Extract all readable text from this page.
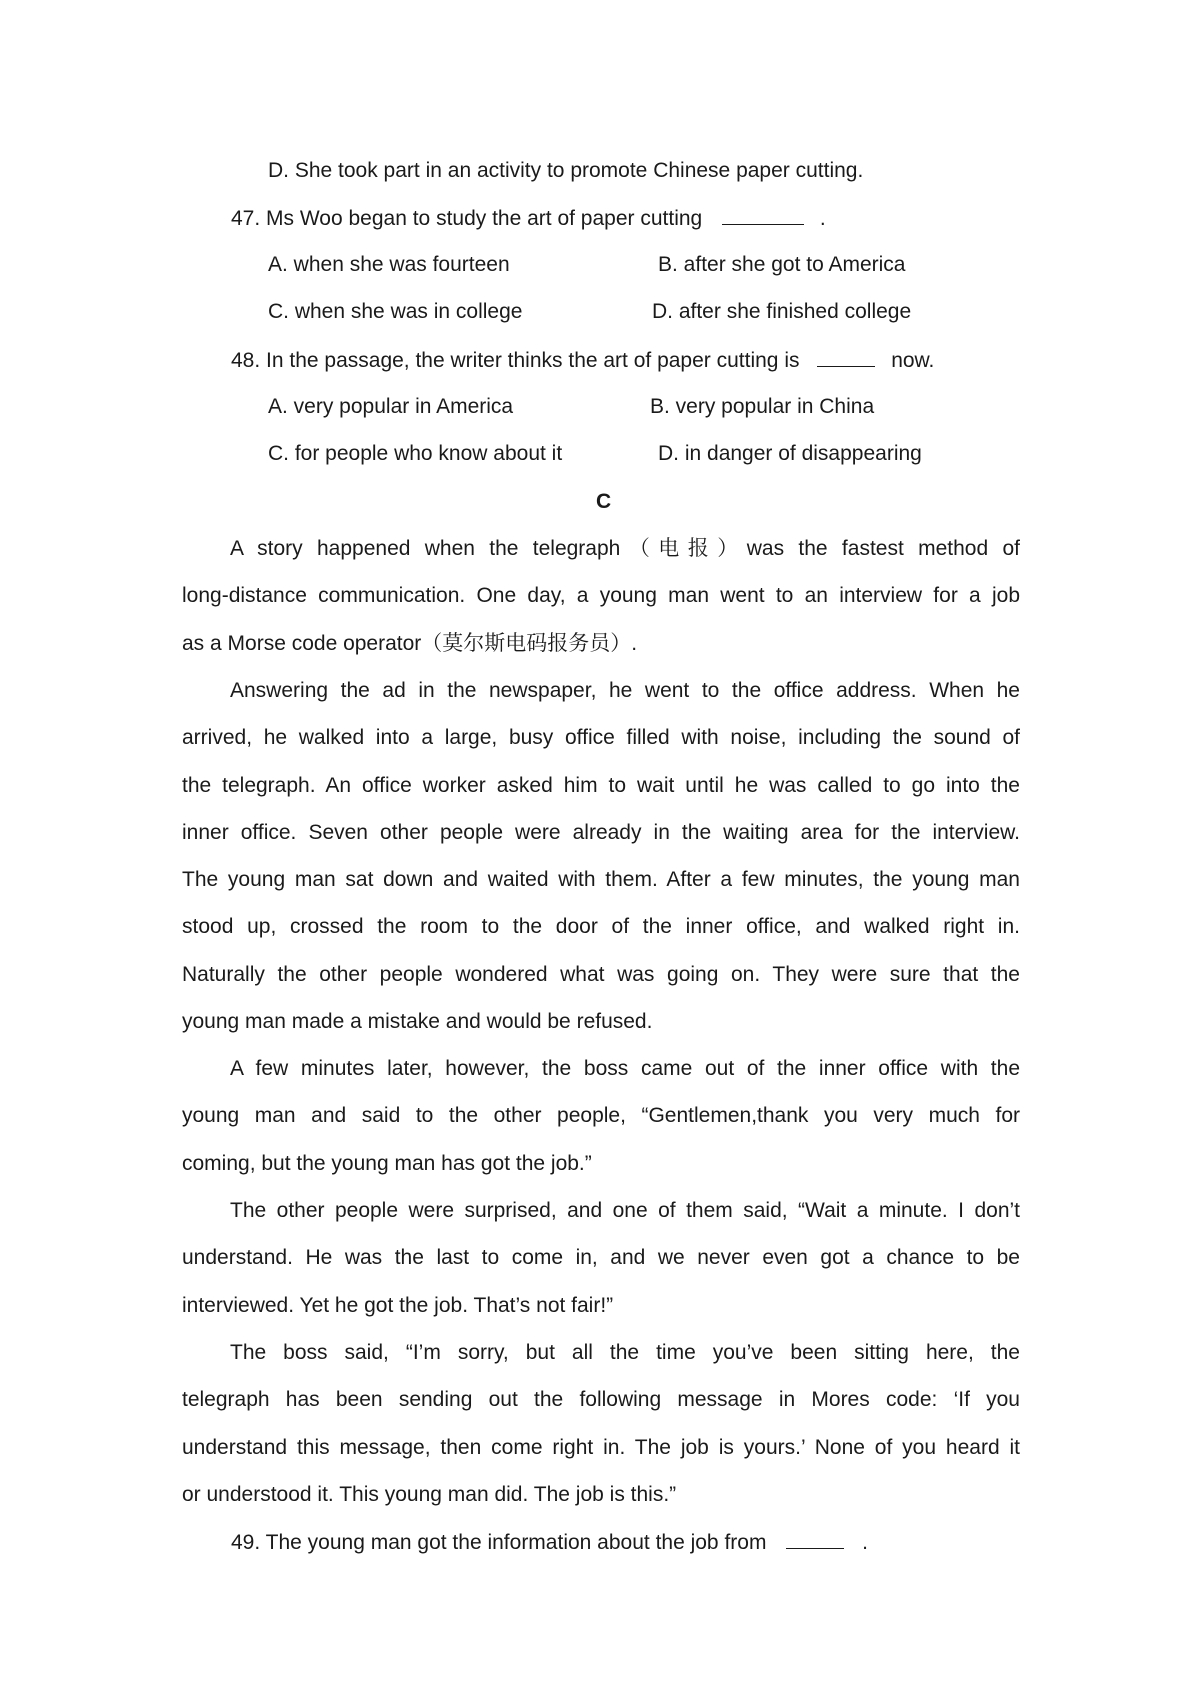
D. She took part in an activity to promote Chinese paper cutting.
47. Ms Woo began to study the art of paper cutting	.
A. when she was fourteen	B. after she got to America
C. when she was in college	D. after she finished college
48. In the passage, the writer thinks the art of paper cutting is	now.
A. very popular in America	B. very popular in China
C. for people who know about it	D. in danger of disappearing
C
A story happened when the telegraph（电报）was the fastest method of
long-distance communication. One day, a young man went to an interview for a job
as a Morse code operator（莫尔斯电码报务员）.
Answering the ad in the newspaper, he went to the office address. When he
arrived, he walked into a large, busy office filled with noise, including the sound of
the telegraph. An office worker asked him to wait until he was called to go into the
inner office. Seven other people were already in the waiting area for the interview.
The young man sat down and waited with them. After a few minutes, the young man
stood up, crossed the room to the door of the inner office, and walked right in.
Naturally the other people wondered what was going on. They were sure that the
young man made a mistake and would be refused.
A few minutes later, however, the boss came out of the inner office with the
young man and said to the other people, “Gentlemen,thank you very much for
coming, but the young man has got the job.”
The other people were surprised, and one of them said, “Wait a minute. I don’t
understand. He was the last to come in, and we never even got a chance to be
interviewed. Yet he got the job. That’s not fair!”
The boss said, “I’m sorry, but all the time you’ve been sitting here, the
telegraph has been sending out the following message in Mores code: ‘If you
understand this message, then come right in. The job is yours.’ None of you heard it
or understood it. This young man did. The job is this.”
49. The young man got the information about the job from	.
